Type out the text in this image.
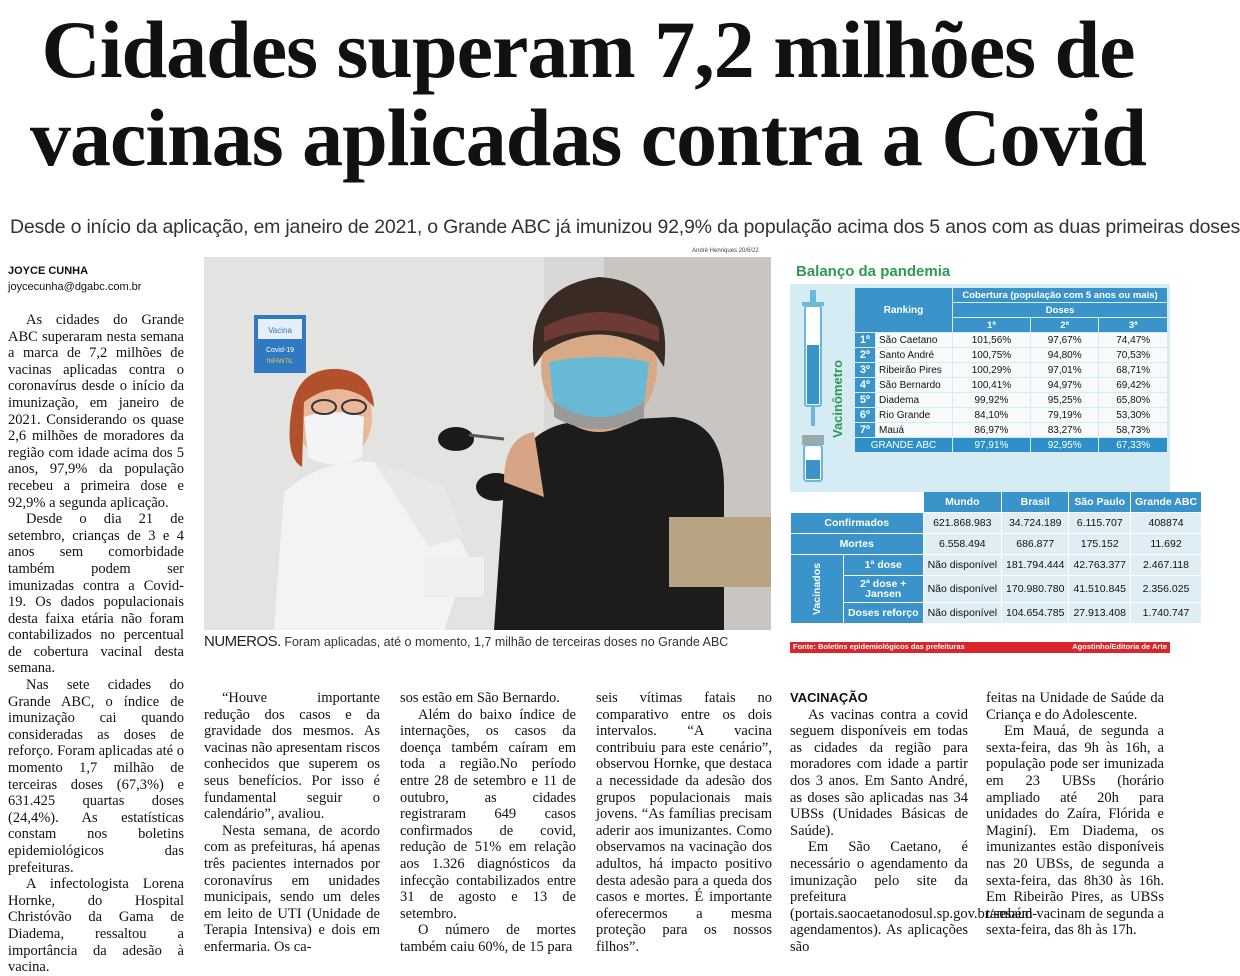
Cidades superam 7,2 milhões de vacinas aplicadas contra a Covid
Desde o início da aplicação, em janeiro de 2021, o Grande ABC já imunizou 92,9% da população acima dos 5 anos com as duas primeiras doses
JOYCE CUNHA
joycecunha@dgabc.com.br

As cidades do Grande ABC superaram nesta semana a marca de 7,2 milhões de vacinas aplicadas contra o coronavírus desde o início da imunização, em janeiro de 2021. Considerando os quase 2,6 milhões de moradores da região com idade acima dos 5 anos, 97,9% da população recebeu a primeira dose e 92,9% a segunda aplicação.

Desde o dia 21 de setembro, crianças de 3 e 4 anos sem comorbidade também podem ser imunizadas contra a Covid-19. Os dados populacionais desta faixa etária não foram contabilizados no percentual de cobertura vacinal desta semana.

Nas sete cidades do Grande ABC, o índice de imunização cai quando consideradas as doses de reforço. Foram aplicadas até o momento 1,7 milhão de terceiras doses (67,3%) e 631.425 quartas doses (24,4%). As estatísticas constam nos boletins epidemiológicos das prefeituras.

A infectologista Lorena Hornke, do Hospital Christóvão da Gama de Diadema, ressaltou a importância da adesão à vacina.

André Henriques 20/6/22
Vacina
Covid-19
INFANTIL
NUMEROS. Foram aplicadas, até o momento, 1,7 milhão de terceiras doses no Grande ABC
Balanço da pandemia
Vacinômetro
Ranking		Cobertura (população com 5 anos ou mais)		
		Doses		
		1ª	2ª	3ª
1º	São Caetano	101,56%	97,67%	74,47%
2º	Santo André	100,75%	94,80%	70,53%
3º	Ribeirão Pires	100,29%	97,01%	68,71%
4º	São Bernardo	100,41%	94,97%	69,42%
5º	Diadema	99,92%	95,25%	65,80%
6º	Rio Grande	84,10%	79,19%	53,30%
7º	Mauá	86,97%	83,27%	58,73%
GRANDE ABC		97,91%	92,95%	67,33%
		Mundo	Brasil	São Paulo	Grande ABC
Confirmados		621.868.983	34.724.189	6.115.707	408874
Mortes		6.558.494	686.877	175.152	11.692

Vacinados	1ª dose	Não disponível	181.794.444	42.763.377	2.467.118
	2ª dose + Jansen	Não disponível	170.980.780	41.510.845	2.356.025
	Doses reforço	Não disponível	104.654.785	27.913.408	1.740.747
Fonte: Boletins epidemiológicos das prefeituras	Agostinho/Editoria de Arte

“Houve importante redução dos casos e da gravidade dos mesmos. As vacinas não apresentam riscos conhecidos que superem os seus benefícios. Por isso é fundamental seguir o calendário”, avaliou.

Nesta semana, de acordo com as prefeituras, há apenas três pacientes internados por coronavírus em unidades municipais, sendo um deles em leito de UTI (Unidade de Terapia Intensiva) e dois em enfermaria. Os ca-

sos estão em São Bernardo.

Além do baixo índice de internações, os casos da doença também caíram em toda a região.No período entre 28 de setembro e 11 de outubro, as cidades registraram 649 casos confirmados de covid, redução de 51% em relação aos 1.326 diagnósticos da infecção contabilizados entre 31 de agosto e 13 de setembro.

O número de mortes também caiu 60%, de 15 para

seis vítimas fatais no comparativo entre os dois intervalos. “A vacina contribuiu para este cenário”, observou Hornke, que destaca a necessidade da adesão dos grupos populacionais mais jovens. “As famílias precisam aderir aos imunizantes. Como observamos na vacinação dos adultos, há impacto positivo desta adesão para a queda dos casos e mortes. É importante oferecermos a mesma proteção para os nossos filhos”.

VACINAÇÃO

As vacinas contra a covid seguem disponíveis em todas as cidades da região para moradores com idade a partir dos 3 anos. Em Santo André, as doses são aplicadas nas 34 UBSs (Unidades Básicas de Saúde).

Em São Caetano, é necessário o agendamento da imunização pelo site da prefeitura (portais.saocaetanodosul.sp.gov.br/sesaud-agendamentos). As aplicações são

feitas na Unidade de Saúde da Criança e do Adolescente.

Em Mauá, de segunda a sexta-feira, das 9h às 16h, a população pode ser imunizada em 23 UBSs (horário ampliado até 20h para unidades do Zaíra, Flórida e Maginí). Em Diadema, os imunizantes estão disponíveis nas 20 UBSs, de segunda a sexta-feira, das 8h30 às 16h. Em Ribeirão Pires, as UBSs também vacinam de segunda a sexta-feira, das 8h às 17h.
